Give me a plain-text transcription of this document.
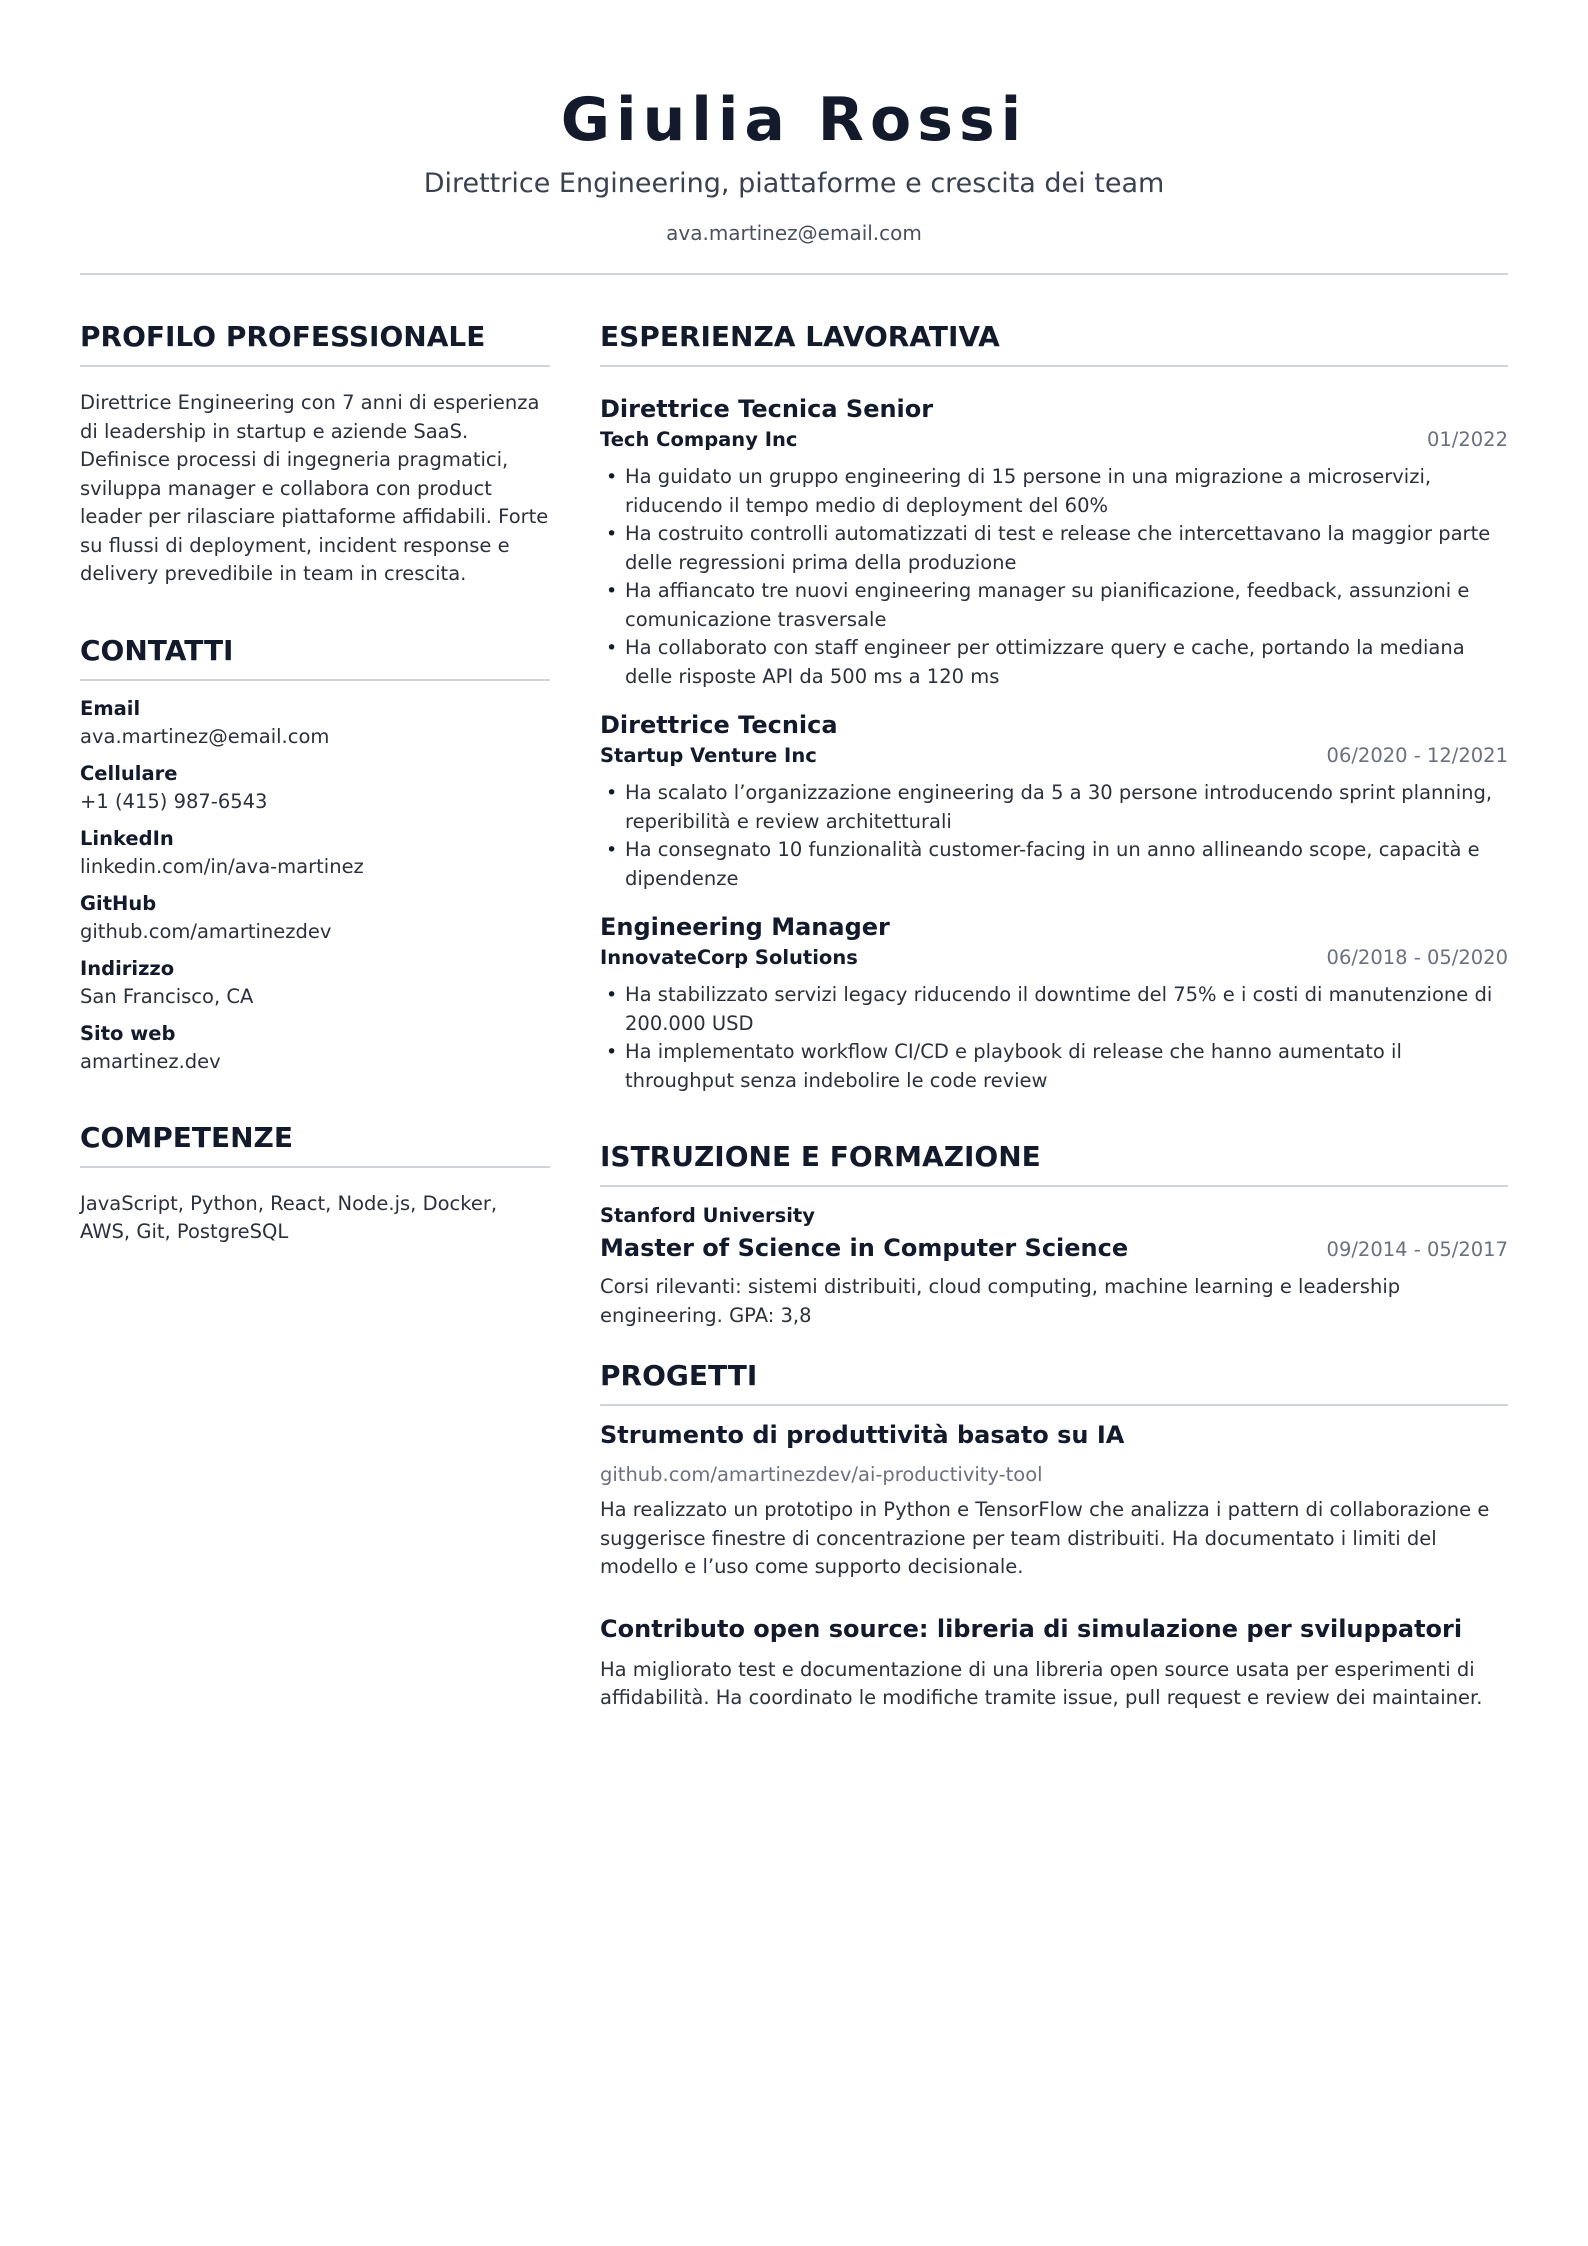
Giulia Rossi
Direttrice Engineering, piattaforme e crescita dei team
ava.martinez@email.com
PROFILO PROFESSIONALE

Direttrice Engineering con 7 anni di esperienza di leadership in startup e aziende SaaS. Definisce processi di ingegneria pragmatici, sviluppa manager e collabora con product leader per rilasciare piattaforme affidabili. Forte su flussi di deployment, incident response e delivery prevedibile in team in crescita.

CONTATTI
Email
ava.martinez@email.com
Cellulare
+1 (415) 987-6543
LinkedIn
linkedin.com/in/ava-martinez
GitHub
github.com/amartinezdev
Indirizzo
San Francisco, CA
Sito web
amartinez.dev
COMPETENZE

JavaScript, Python, React, Node.js, Docker, AWS, Git, PostgreSQL

ESPERIENZA LAVORATIVA
Direttrice Tecnica Senior
Tech Company Inc	01/2022
• Ha guidato un gruppo engineering di 15 persone in una migrazione a microservizi, riducendo il tempo medio di deployment del 60%
• Ha costruito controlli automatizzati di test e release che intercettavano la maggior parte delle regressioni prima della produzione
• Ha affiancato tre nuovi engineering manager su pianificazione, feedback, assunzioni e comunicazione trasversale
• Ha collaborato con staff engineer per ottimizzare query e cache, portando la mediana delle risposte API da 500 ms a 120 ms
Direttrice Tecnica
Startup Venture Inc	06/2020 - 12/2021
• Ha scalato l’organizzazione engineering da 5 a 30 persone introducendo sprint planning, reperibilità e review architetturali
• Ha consegnato 10 funzionalità customer-facing in un anno allineando scope, capacità e dipendenze
Engineering Manager
InnovateCorp Solutions	06/2018 - 05/2020
• Ha stabilizzato servizi legacy riducendo il downtime del 75% e i costi di manutenzione di 200.000 USD
• Ha implementato workflow CI/CD e playbook di release che hanno aumentato il throughput senza indebolire le code review
ISTRUZIONE E FORMAZIONE
Stanford University
Master of Science in Computer Science	09/2014 - 05/2017

Corsi rilevanti: sistemi distribuiti, cloud computing, machine learning e leadership engineering. GPA: 3,8

PROGETTI
Strumento di produttività basato su IA
github.com/amartinezdev/ai-productivity-tool

Ha realizzato un prototipo in Python e TensorFlow che analizza i pattern di collaborazione e suggerisce finestre di concentrazione per team distribuiti. Ha documentato i limiti del modello e l’uso come supporto decisionale.

Contributo open source: libreria di simulazione per sviluppatori

Ha migliorato test e documentazione di una libreria open source usata per esperimenti di affidabilità. Ha coordinato le modifiche tramite issue, pull request e review dei maintainer.
